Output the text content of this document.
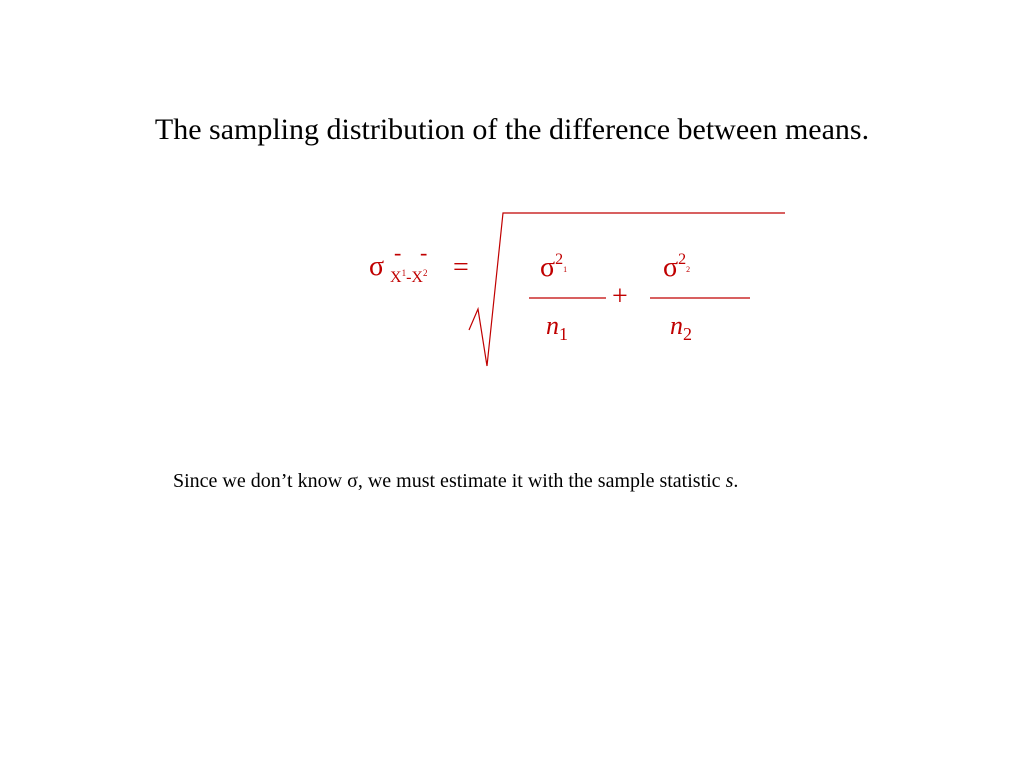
The sampling distribution of the difference between means.
σ - -
$X^1-X^2$ =	$\sigma^{21}$	$\sigma^{22}$
+
$n_1$	$n_2$
Since we don’t know σ, we must estimate it with the sample statistic s.
